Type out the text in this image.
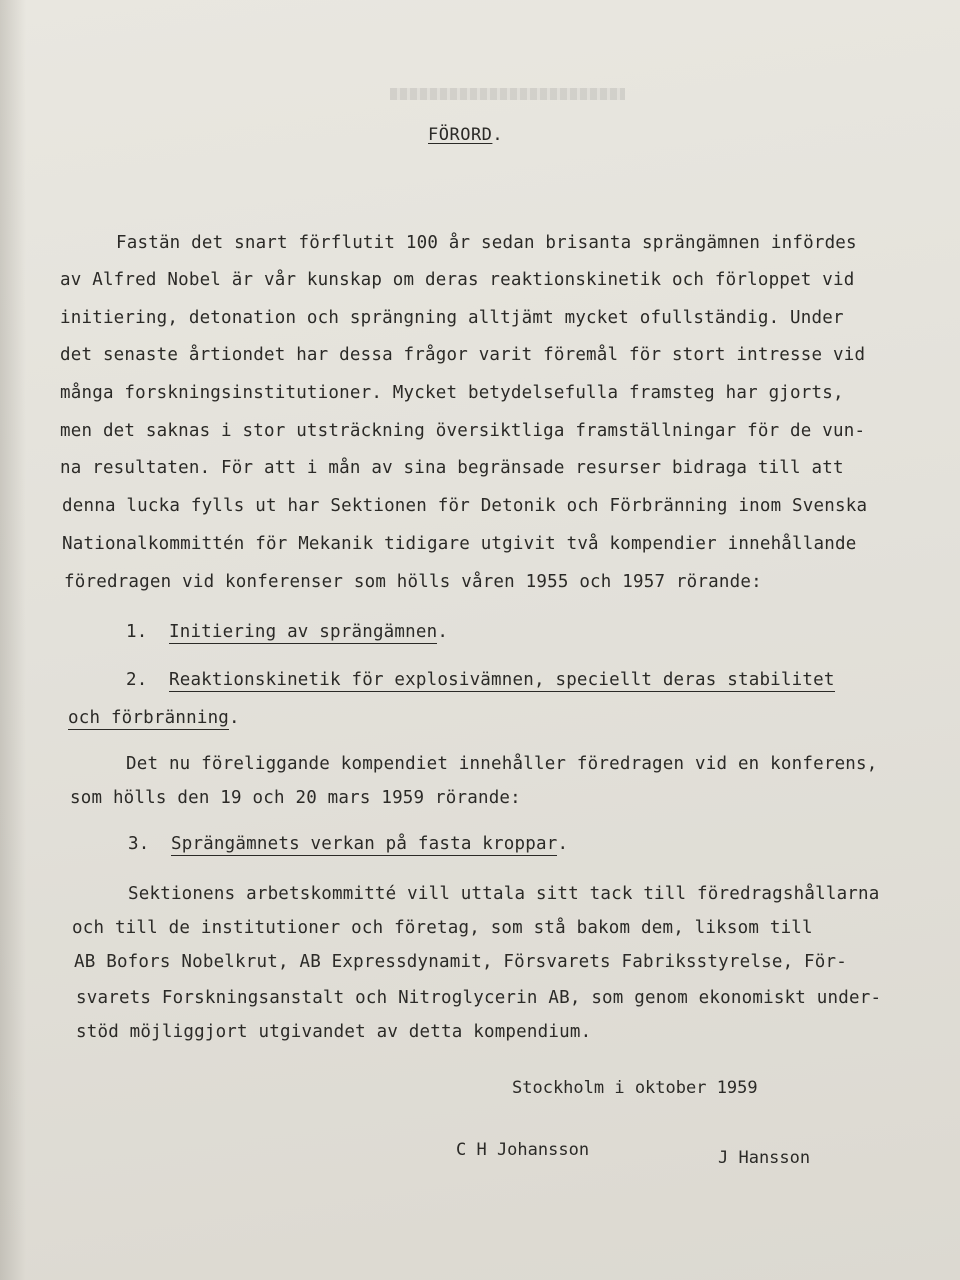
FÖRORD.
Fastän det snart förflutit 100 år sedan brisanta sprängämnen infördes
av Alfred Nobel är vår kunskap om deras reaktionskinetik och förloppet vid
initiering, detonation och sprängning alltjämt mycket ofullständig. Under
det senaste årtiondet har dessa frågor varit föremål för stort intresse vid
många forskningsinstitutioner. Mycket betydelsefulla framsteg har gjorts,
men det saknas i stor utsträckning översiktliga framställningar för de vun-
na resultaten. För att i mån av sina begränsade resurser bidraga till att
denna lucka fylls ut har Sektionen för Detonik och Förbränning inom Svenska
Nationalkommittén för Mekanik tidigare utgivit två kompendier innehållande
föredragen vid konferenser som hölls våren 1955 och 1957 rörande:
1. Initiering av sprängämnen.
2. Reaktionskinetik för explosivämnen, speciellt deras stabilitet
och förbränning.
Det nu föreliggande kompendiet innehåller föredragen vid en konferens,
som hölls den 19 och 20 mars 1959 rörande:
3. Sprängämnets verkan på fasta kroppar.
Sektionens arbetskommitté vill uttala sitt tack till föredragshållarna
och till de institutioner och företag, som stå bakom dem, liksom till
AB Bofors Nobelkrut, AB Expressdynamit, Försvarets Fabriksstyrelse, För-
svarets Forskningsanstalt och Nitroglycerin AB, som genom ekonomiskt under-
stöd möjliggjort utgivandet av detta kompendium.
Stockholm i oktober 1959
C H Johansson	J Hansson
